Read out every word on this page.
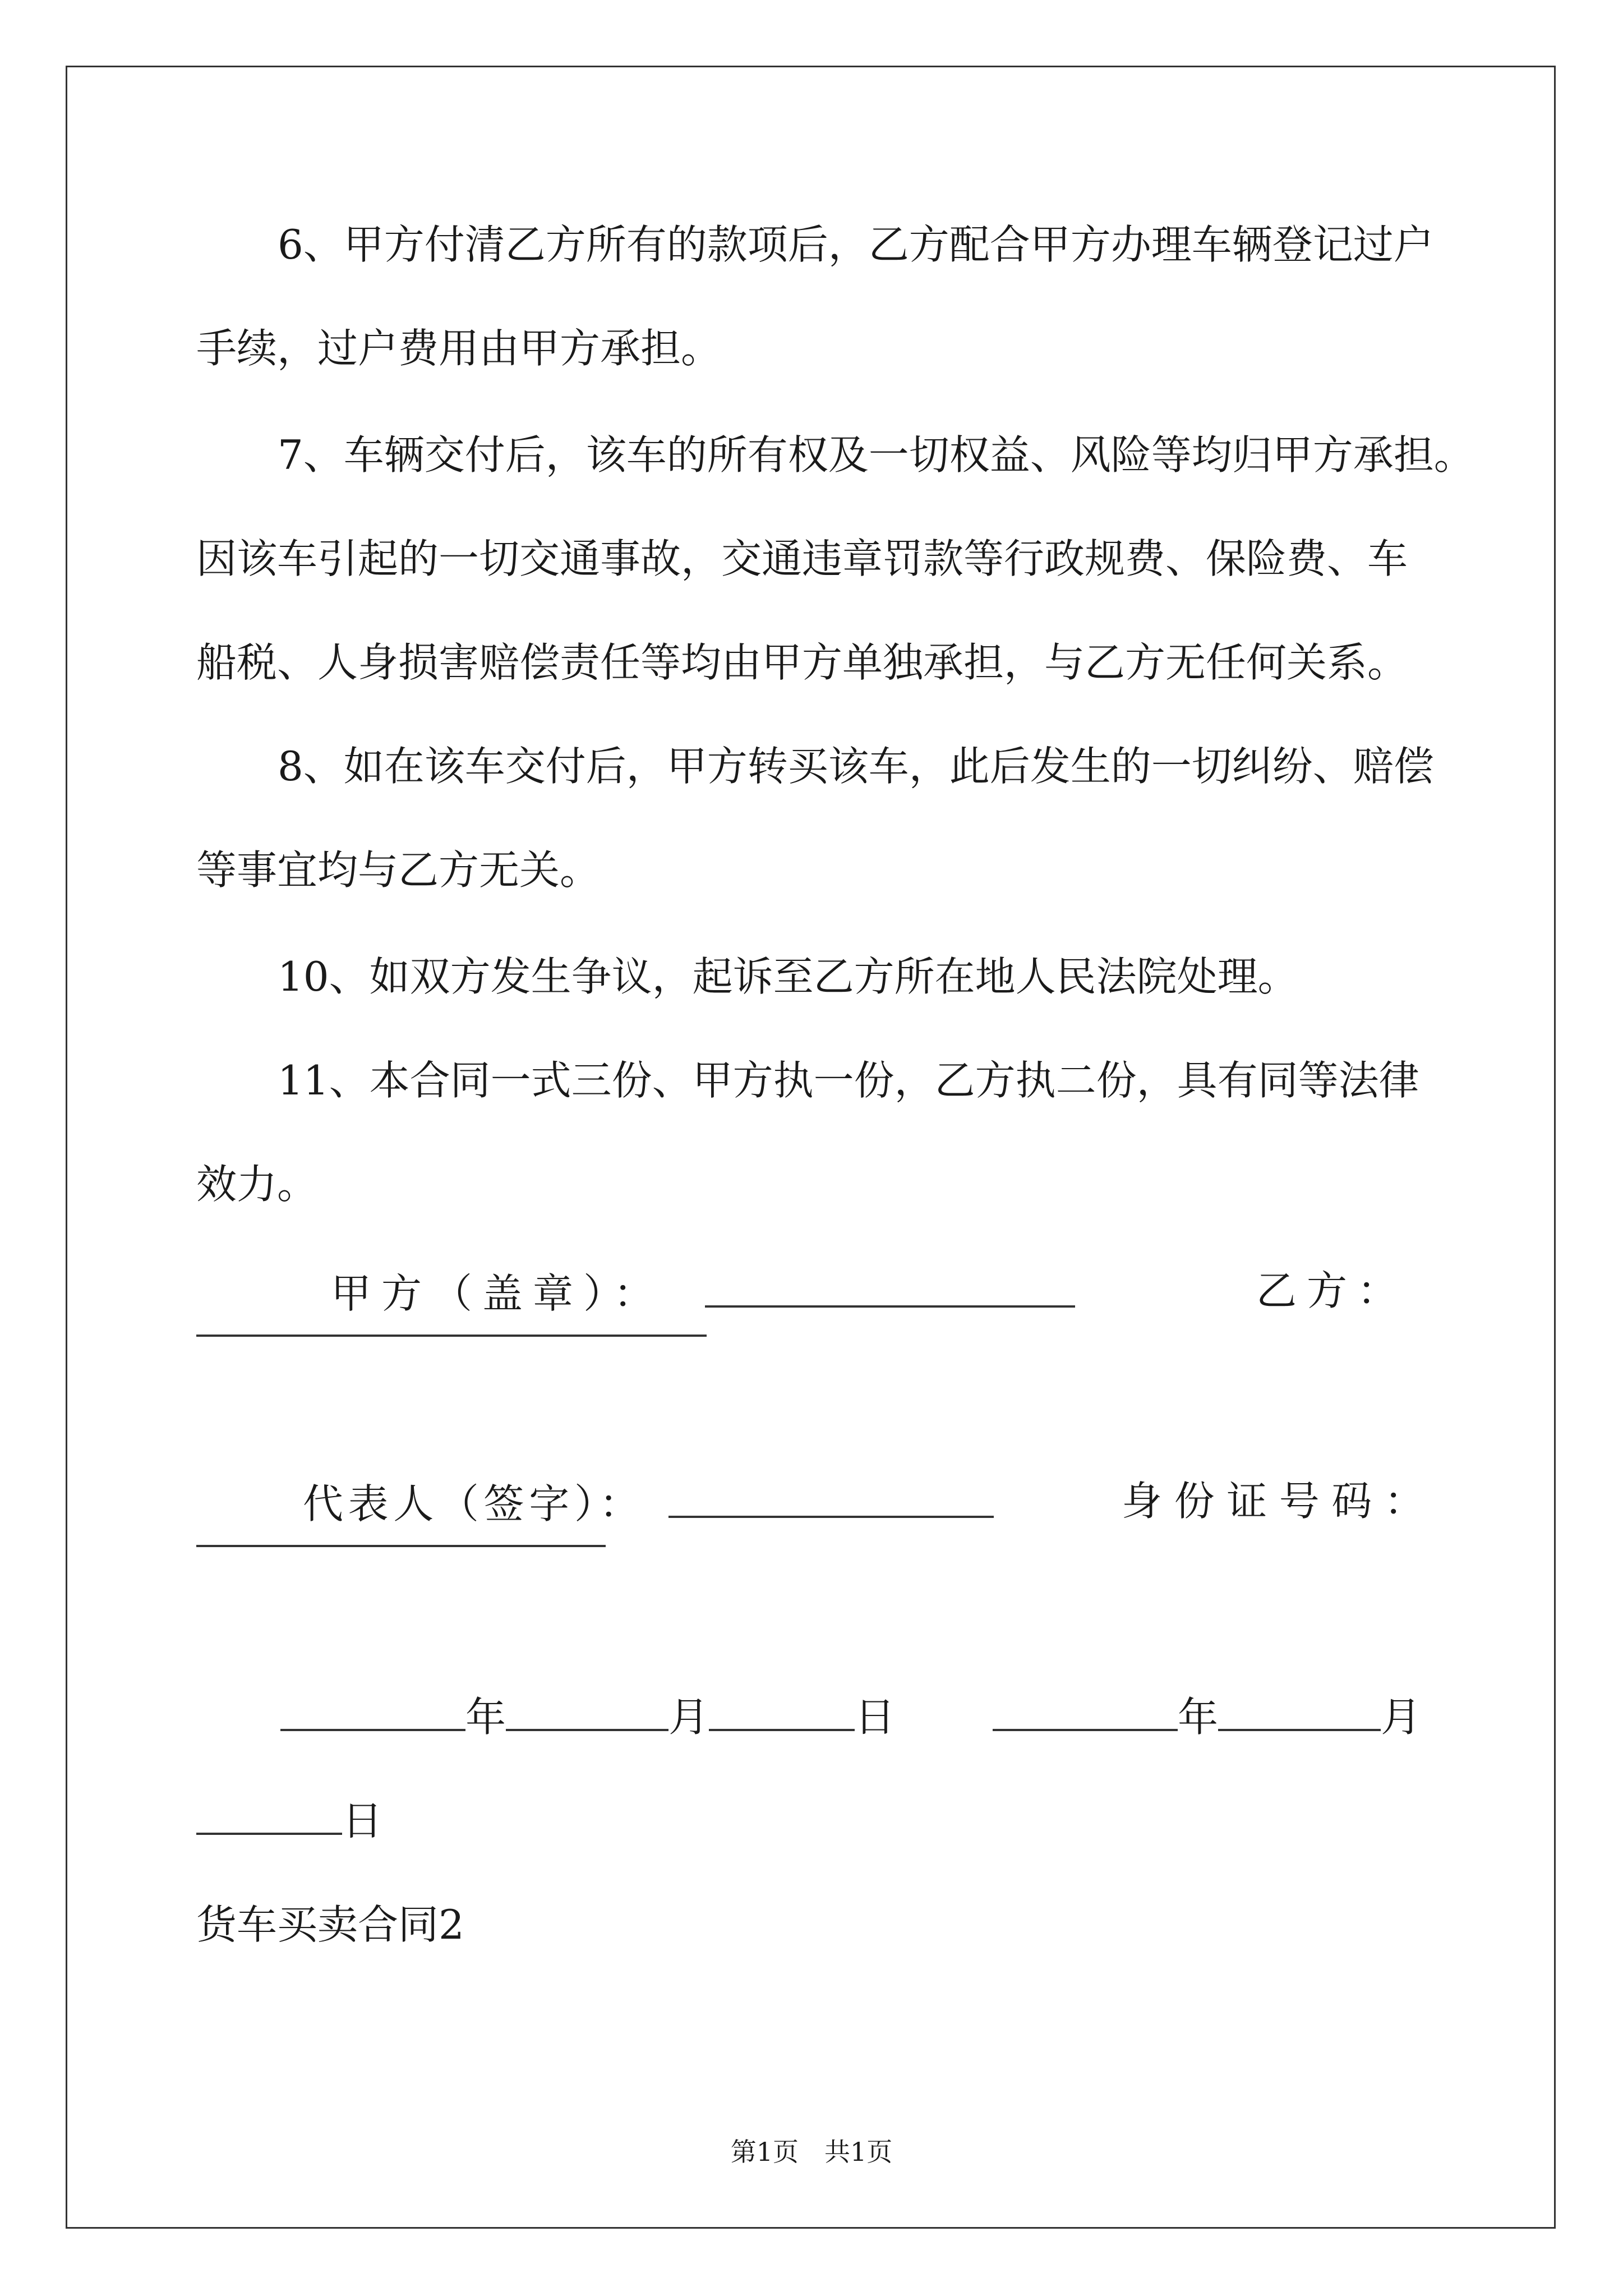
6、甲方付清乙方所有的款项后，乙方配合甲方办理车辆登记过户
手续，过户费用由甲方承担。
7、车辆交付后，该车的所有权及一切权益、风险等均归甲方承担。
因该车引起的一切交通事故，交通违章罚款等行政规费、保险费、车
船税、人身损害赔偿责任等均由甲方单独承担，与乙方无任何关系。
8、如在该车交付后，甲方转买该车，此后发生的一切纠纷、赔偿
等事宜均与乙方无关。
10、如双方发生争议，起诉至乙方所在地人民法院处理。
11、本合同一式三份、甲方执一份，乙方执二份，具有同等法律
效力。
甲方（盖章）：	乙方：
代表人（签字）：	身份证号码：
年	月	日	年	月
日
货车买卖合同2
第1页　共1页
